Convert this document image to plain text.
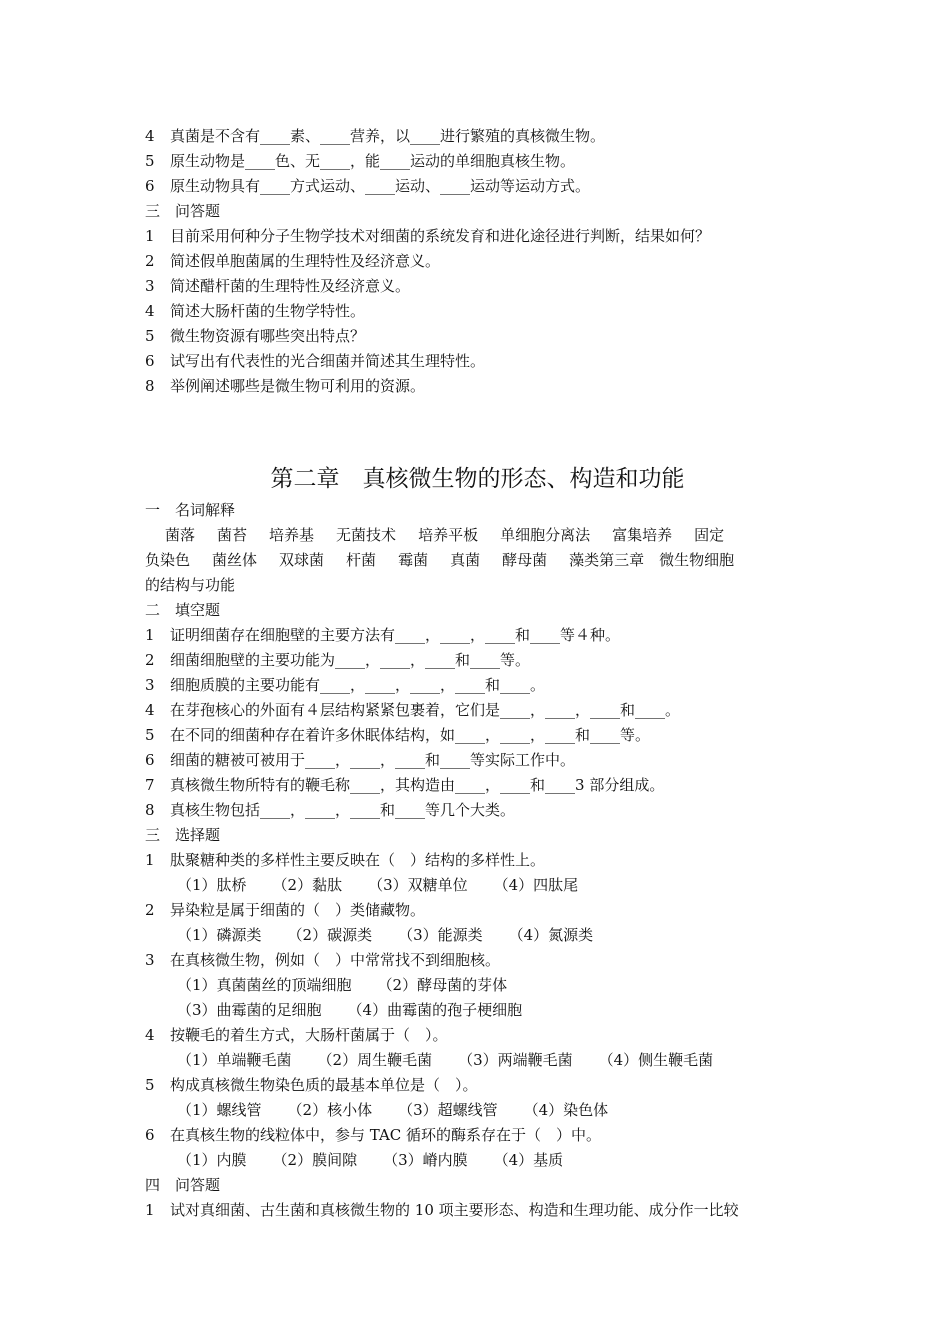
4 真菌是不含有____素、____营养，以____进行繁殖的真核微生物。
5 原生动物是____色、无____，能____运动的单细胞真核生物。
6 原生动物具有____方式运动、____运动、____运动等运动方式。
三　问答题
1 目前采用何种分子生物学技术对细菌的系统发育和进化途径进行判断，结果如何？
2 简述假单胞菌属的生理特性及经济意义。
3 简述醋杆菌的生理特性及经济意义。
4 简述大肠杆菌的生物学特性。
5 微生物资源有哪些突出特点？
6 试写出有代表性的光合细菌并简述其生理特性。
8 举例阐述哪些是微生物可利用的资源。
第二章　真核微生物的形态、构造和功能
一　名词解释
菌落 菌苔 培养基 无菌技术 培养平板 单细胞分离法 富集培养 固定
负染色 菌丝体 双球菌 杆菌 霉菌 真菌 酵母菌 藻类第三章　微生物细胞
的结构与功能
二　填空题
1 证明细菌存在细胞壁的主要方法有____，____，____和____等４种。
2 细菌细胞壁的主要功能为____，____，____和____等。
3 细胞质膜的主要功能有____，____，____，____和____。
4 在芽孢核心的外面有４层结构紧紧包裹着，它们是____，____，____和____。
5 在不同的细菌种存在着许多休眠体结构，如____，____，____和____等。
6 细菌的糖被可被用于____，____，____和____等实际工作中。
7 真核微生物所特有的鞭毛称____，其构造由____，____和____3 部分组成。
8 真核生物包括____，____，____和____等几个大类。
三　选择题
1 肽聚糖种类的多样性主要反映在（　）结构的多样性上。
（1）肽桥 （2）黏肽 （3）双糖单位 （4）四肽尾
2 异染粒是属于细菌的（　）类储藏物。
（1）磷源类 （2）碳源类 （3）能源类 （4）氮源类
3 在真核微生物，例如（　）中常常找不到细胞核。
（1）真菌菌丝的顶端细胞 （2）酵母菌的芽体
（3）曲霉菌的足细胞 （4）曲霉菌的孢子梗细胞
4 按鞭毛的着生方式，大肠杆菌属于（　）。
（1）单端鞭毛菌 （2）周生鞭毛菌 （3）两端鞭毛菌 （4）侧生鞭毛菌
5 构成真核微生物染色质的最基本单位是（　）。
（1）螺线管 （2）核小体 （3）超螺线管 （4）染色体
6 在真核生物的线粒体中，参与 TAC 循环的酶系存在于（　）中。
（1）内膜 （2）膜间隙 （3）嵴内膜 （4）基质
四　问答题
1 试对真细菌、古生菌和真核微生物的 10 项主要形态、构造和生理功能、成分作一比较
